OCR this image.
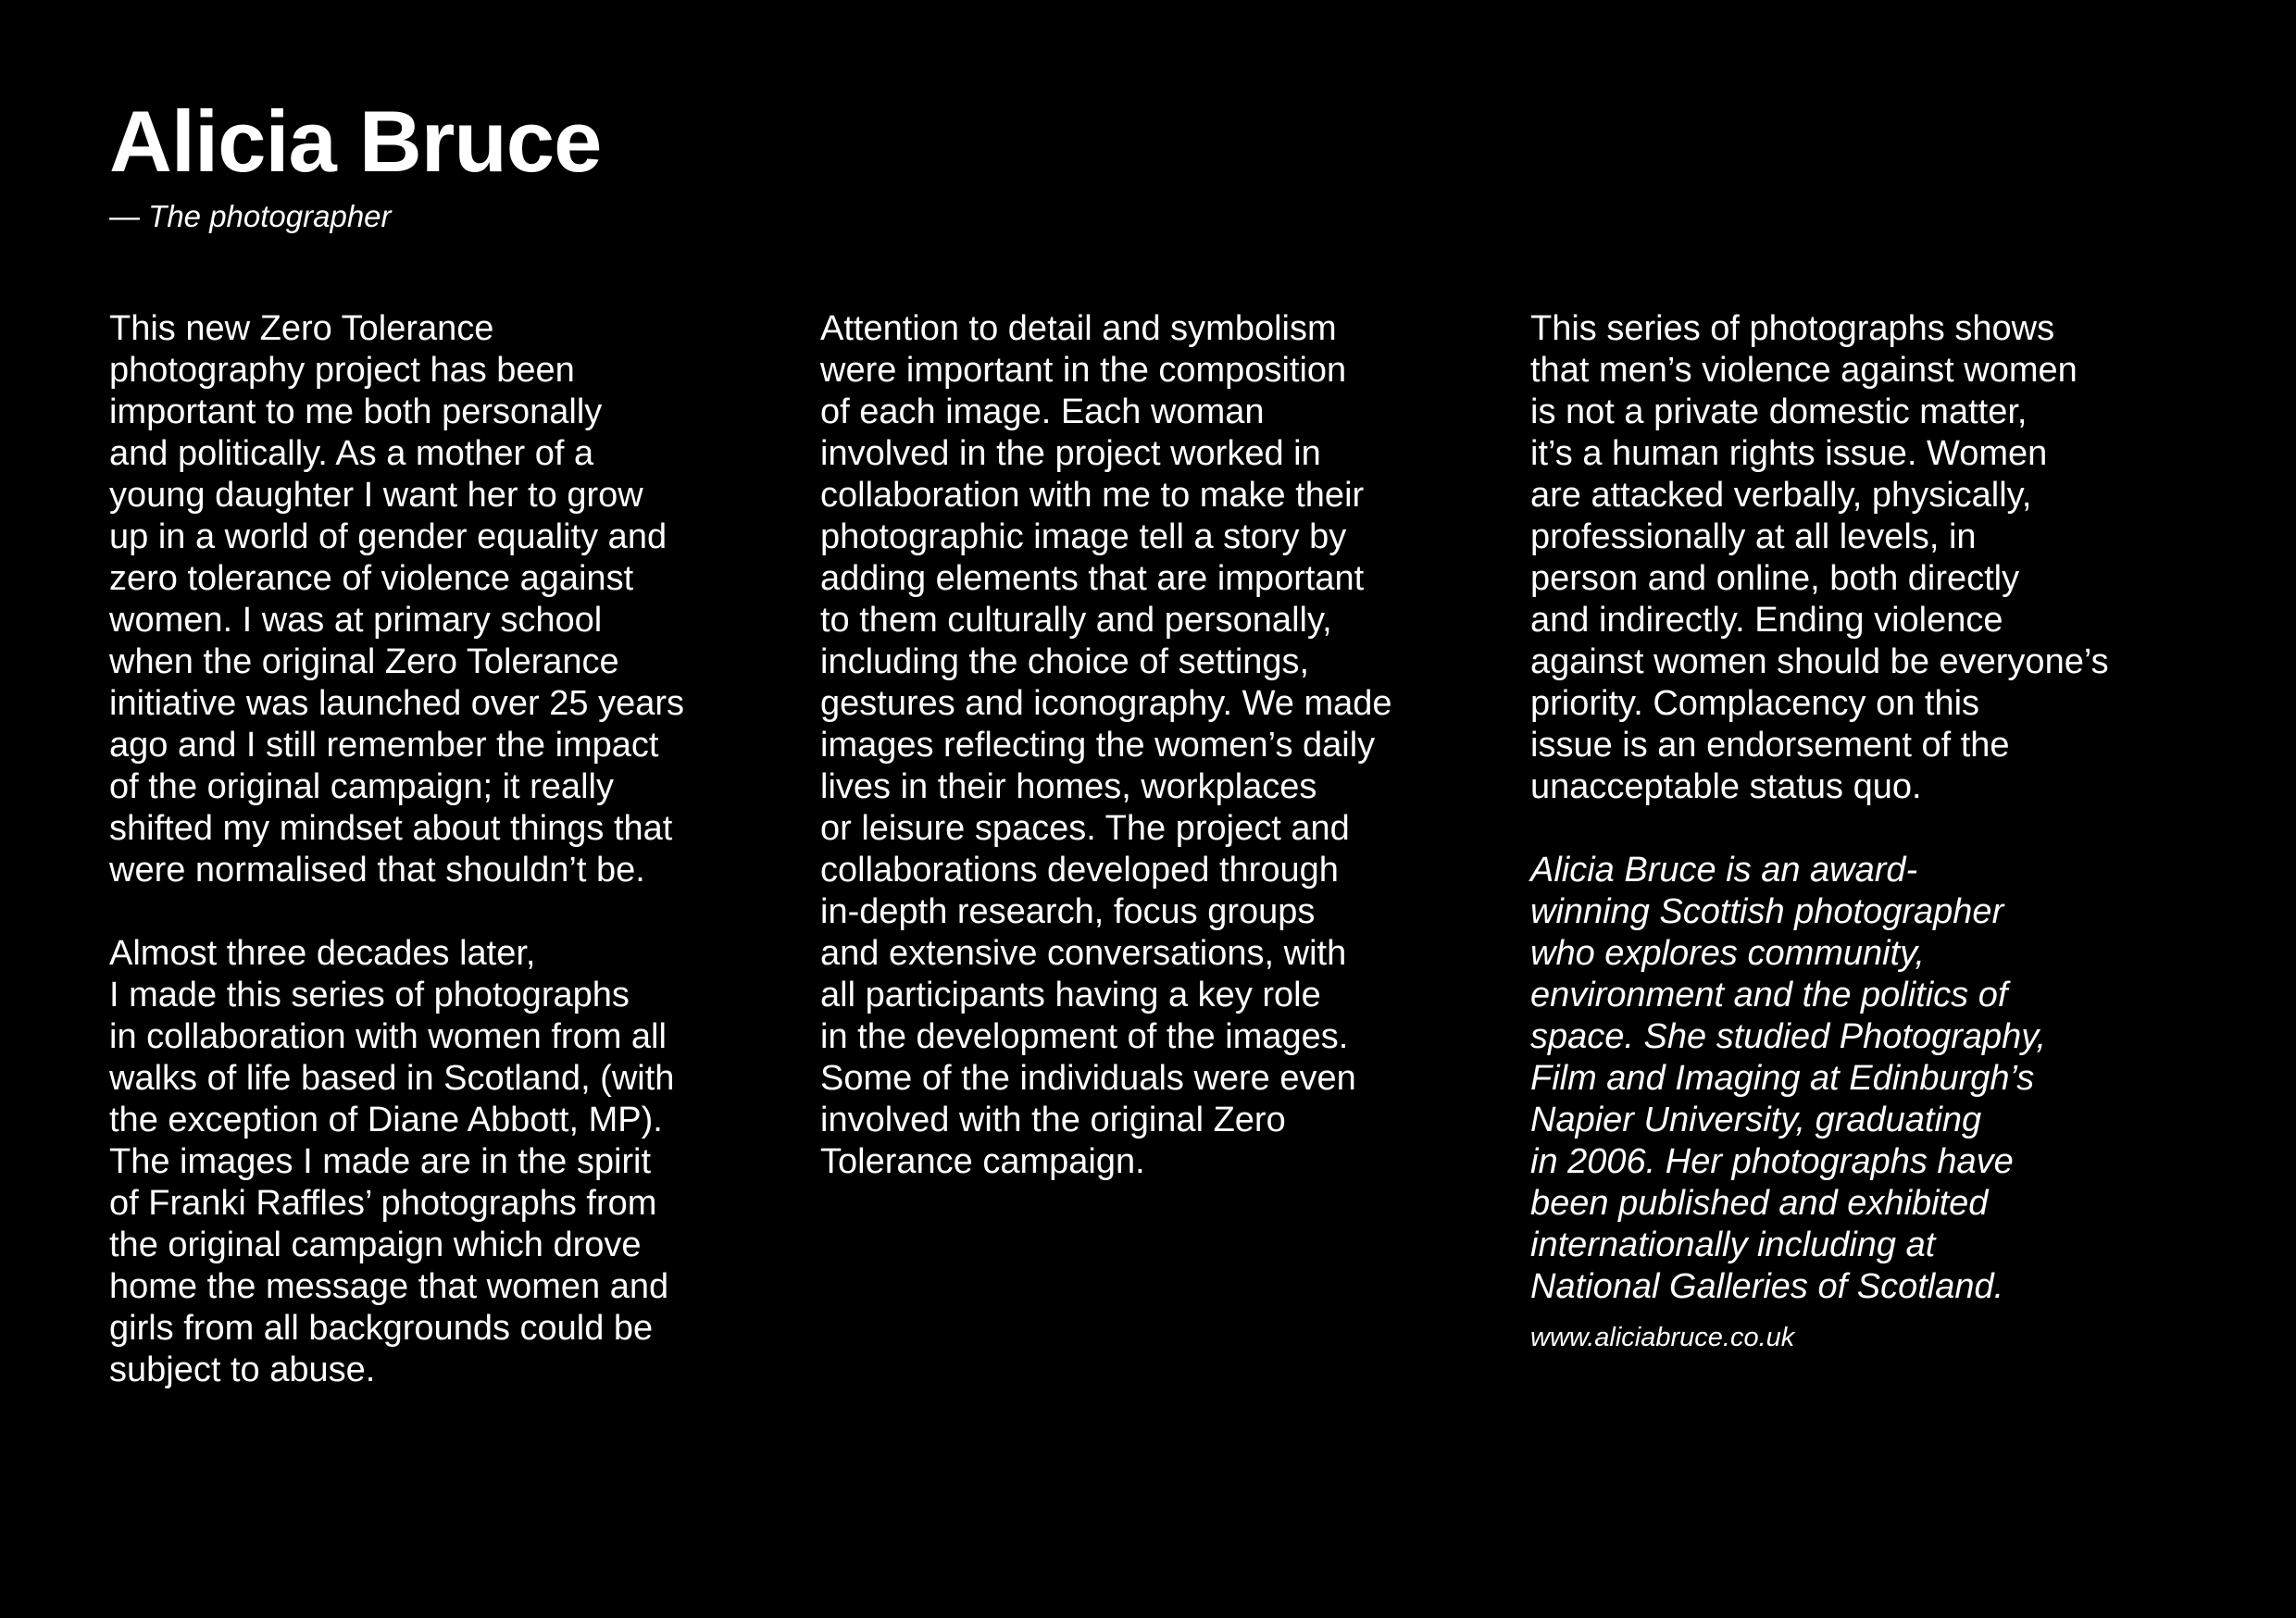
Alicia Bruce

— The photographer

This new Zero Tolerance
photography project has been
important to me both personally
and politically. As a mother of a
young daughter I want her to grow
up in a world of gender equality and
zero tolerance of violence against
women. I was at primary school
when the original Zero Tolerance
initiative was launched over 25 years
ago and I still remember the impact
of the original campaign; it really
shifted my mindset about things that
were normalised that shouldn’t be.

Almost three decades later,
I made this series of photographs
in collaboration with women from all
walks of life based in Scotland, (with
the exception of Diane Abbott, MP).
The images I made are in the spirit
of Franki Raffles’ photographs from
the original campaign which drove
home the message that women and
girls from all backgrounds could be
subject to abuse.

Attention to detail and symbolism
were important in the composition
of each image. Each woman
involved in the project worked in
collaboration with me to make their
photographic image tell a story by
adding elements that are important
to them culturally and personally,
including the choice of settings,
gestures and iconography. We made
images reflecting the women’s daily
lives in their homes, workplaces
or leisure spaces. The project and
collaborations developed through
in-depth research, focus groups
and extensive conversations, with
all participants having a key role
in the development of the images.
Some of the individuals were even
involved with the original Zero
Tolerance campaign.

This series of photographs shows
that men’s violence against women
is not a private domestic matter,
it’s a human rights issue. Women
are attacked verbally, physically,
professionally at all levels, in
person and online, both directly
and indirectly. Ending violence
against women should be everyone’s
priority. Complacency on this
issue is an endorsement of the
unacceptable status quo.

Alicia Bruce is an award-
winning Scottish photographer
who explores community,
environment and the politics of
space. She studied Photography,
Film and Imaging at Edinburgh’s
Napier University, graduating
in 2006. Her photographs have
been published and exhibited
internationally including at
National Galleries of Scotland.

www.aliciabruce.co.uk
